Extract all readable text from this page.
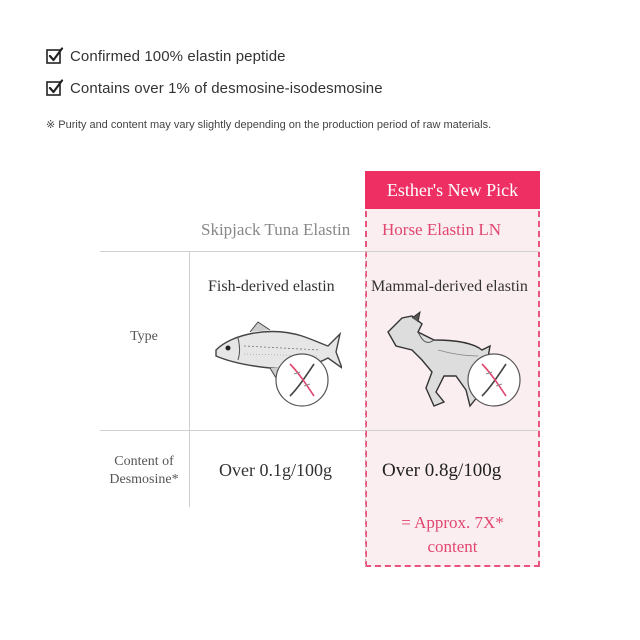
Confirmed 100% elastin peptide
Contains over 1% of desmosine-isodesmosine
※ Purity and content may vary slightly depending on the production period of raw materials.
Esther's New Pick
Skipjack Tuna Elastin Horse Elastin LN
Type
Content of
Desmosine*
Fish-derived elastin Mammal-derived elastin
Over 0.1g/100g	Over 0.8g/100g
= Approx. 7X*
content
